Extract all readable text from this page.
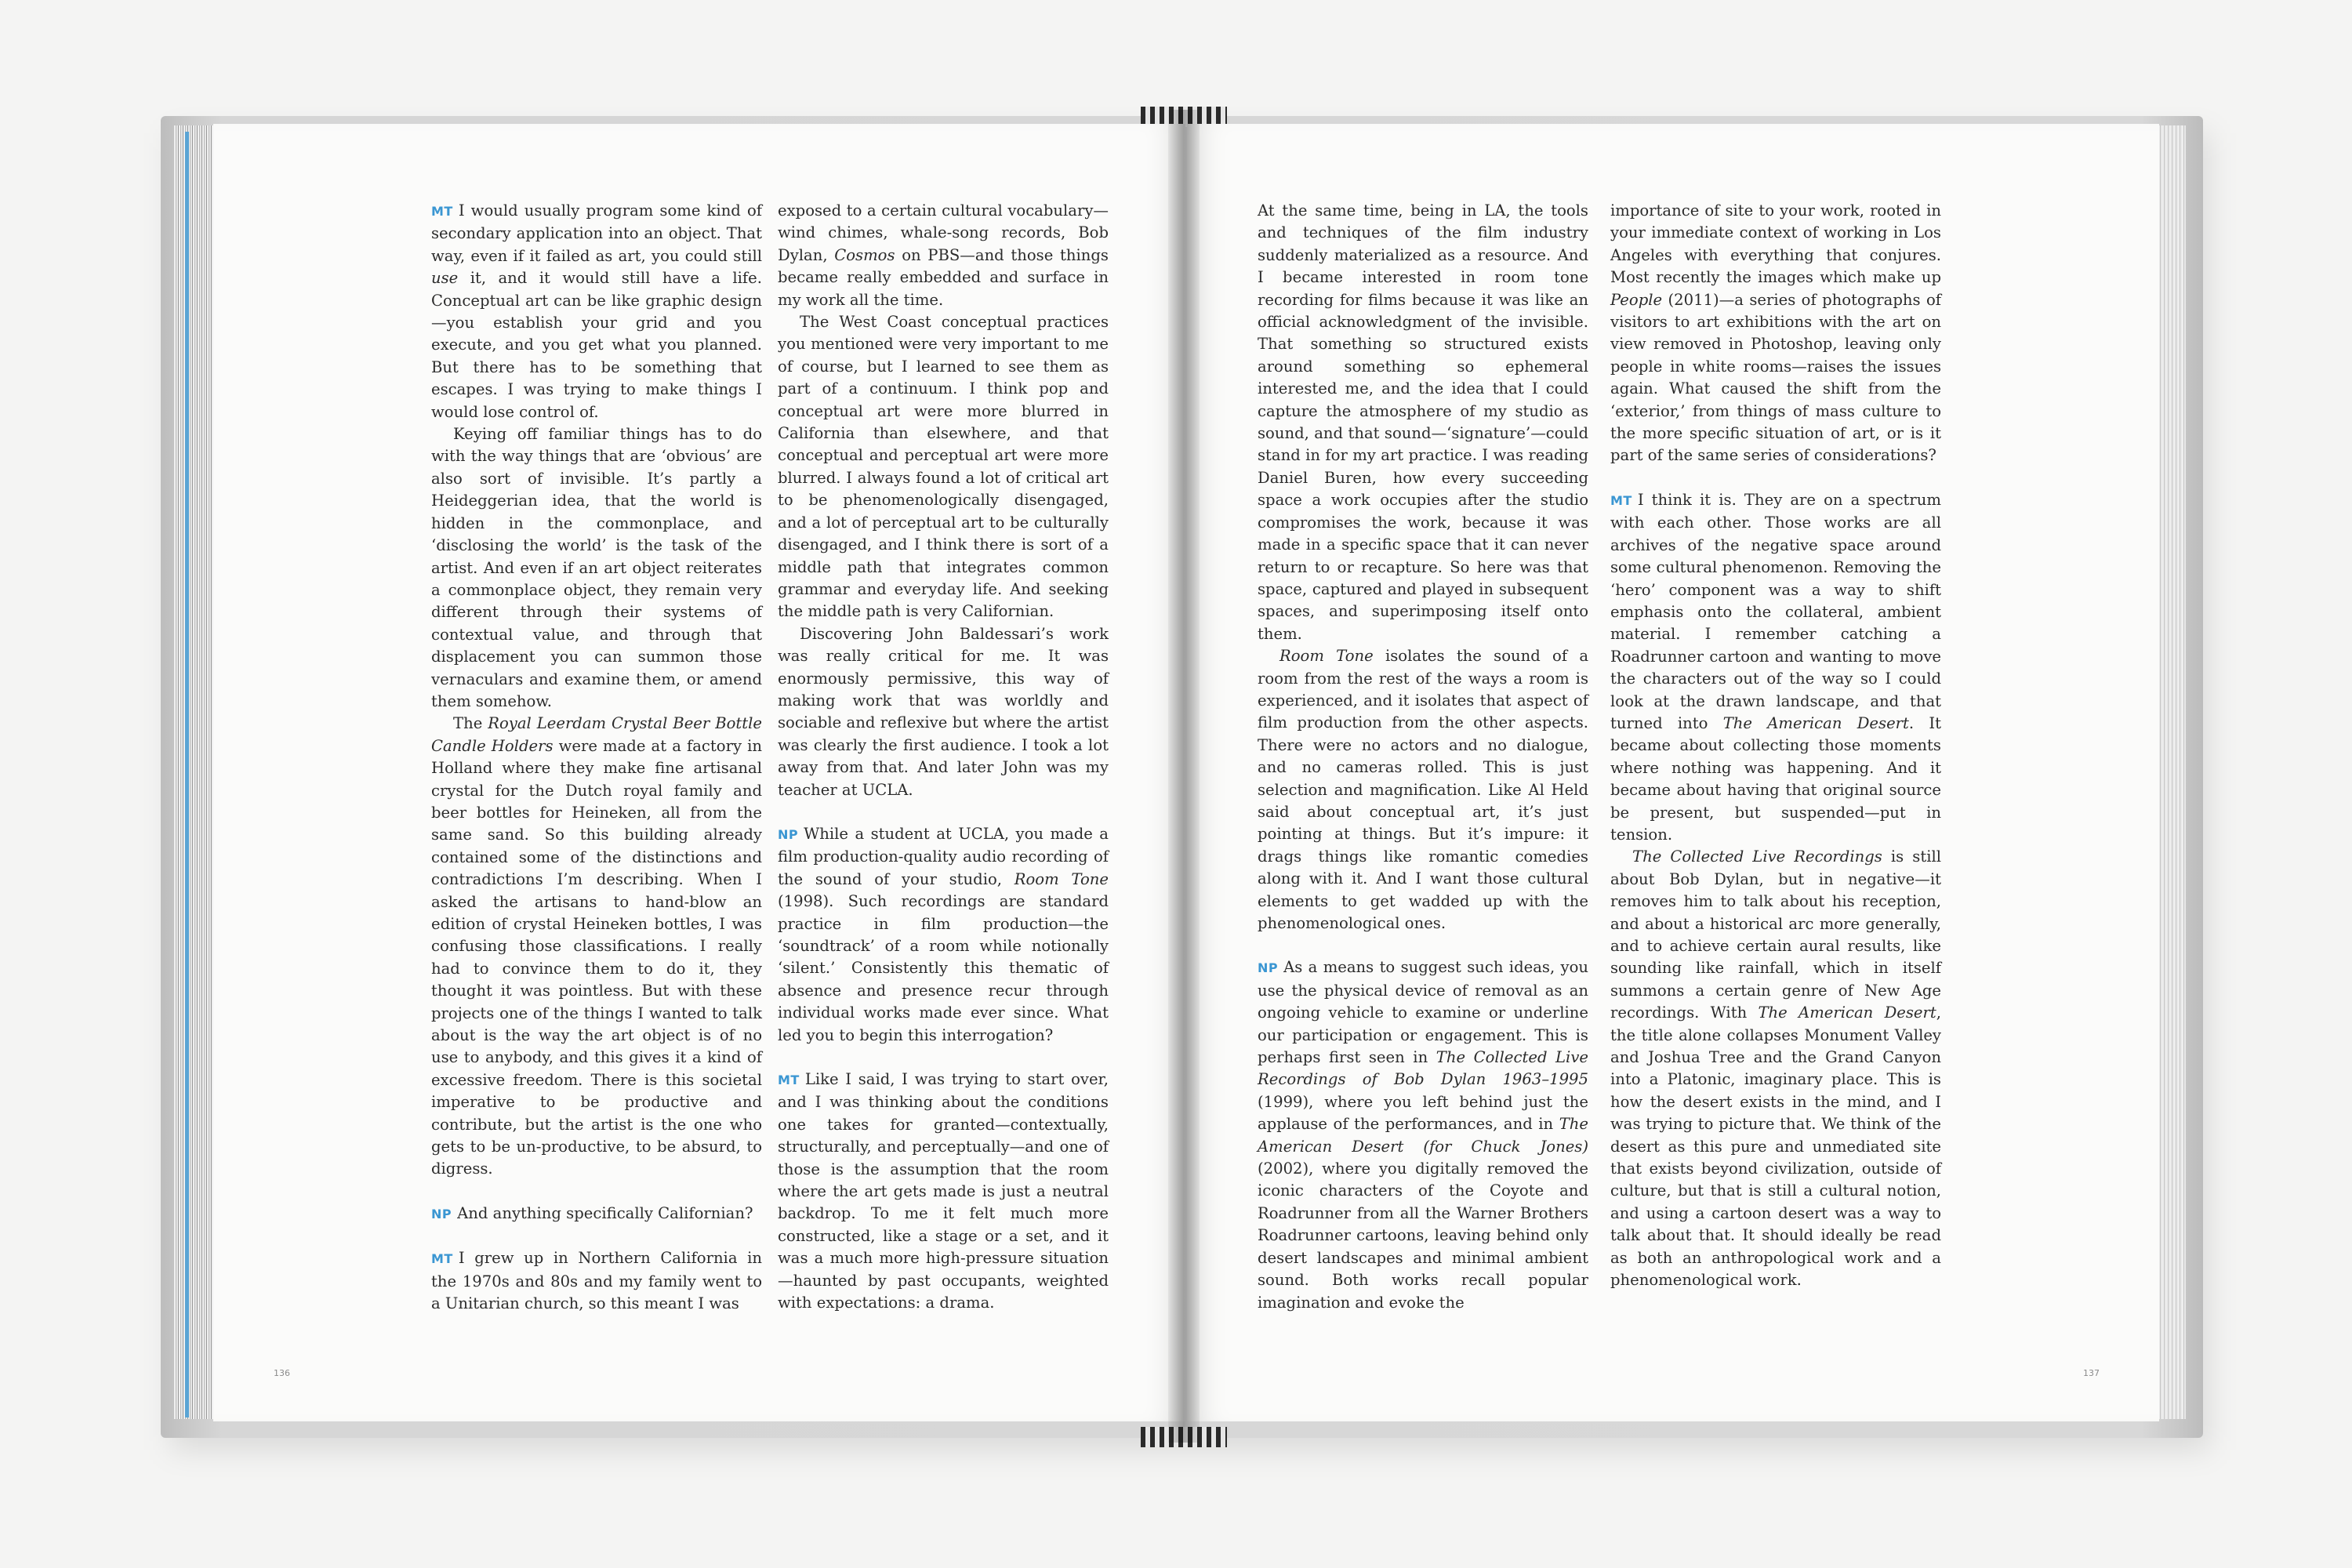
MT I would usually program some kind of secondary application into an object. That way, even if it failed as art, you could still use it, and it would still have a life. Conceptual art can be like graphic design—you establish your grid and you execute, and you get what you planned. But there has to be something that escapes. I was trying to make things I would lose control of.

Keying off familiar things has to do with the way things that are ‘obvious’ are also sort of invisible. It’s partly a Heideggerian idea, that the world is hidden in the commonplace, and ‘disclosing the world’ is the task of the artist. And even if an art object reiterates a commonplace object, they remain very different through their systems of contextual value, and through that displacement you can summon those vernaculars and examine them, or amend them somehow.

The Royal Leerdam Crystal Beer Bottle Candle Holders were made at a factory in Holland where they make fine artisanal crystal for the Dutch royal family and beer bottles for Heineken, all from the same sand. So this building already contained some of the distinctions and contradictions I’m describing. When I asked the artisans to hand-blow an edition of crystal Heineken bottles, I was confusing those classifications. I really had to convince them to do it, they thought it was pointless. But with these projects one of the things I wanted to talk about is the way the art object is of no use to anybody, and this gives it a kind of excessive freedom. There is this societal imperative to be productive and contribute, but the artist is the one who gets to be un-productive, to be absurd, to digress.

NP And anything specifically Californian?

MT I grew up in Northern California in the 1970s and 80s and my family went to a Unitarian church, so this meant I was

exposed to a certain cultural vocabulary—wind chimes, whale-song records, Bob Dylan, Cosmos on PBS—and those things became really embedded and surface in my work all the time.

The West Coast conceptual practices you mentioned were very important to me of course, but I learned to see them as part of a continuum. I think pop and conceptual art were more blurred in California than elsewhere, and that conceptual and perceptual art were more blurred. I always found a lot of critical art to be phenomenologically disengaged, and a lot of perceptual art to be culturally disengaged, and I think there is sort of a middle path that integrates common grammar and everyday life. And seeking the middle path is very Californian.

Discovering John Baldessari’s work was really critical for me. It was enormously permissive, this way of making work that was worldly and sociable and reflexive but where the artist was clearly the first audience. I took a lot away from that. And later John was my teacher at UCLA.

NP While a student at UCLA, you made a film production-quality audio recording of the sound of your studio, Room Tone (1998). Such recordings are standard practice in film production—the ‘soundtrack’ of a room while notionally ‘silent.’ Consistently this thematic of absence and presence recur through individual works made ever since. What led you to begin this interrogation?

MT Like I said, I was trying to start over, and I was thinking about the conditions one takes for granted—contextually, structurally, and perceptually—and one of those is the assumption that the room where the art gets made is just a neutral backdrop. To me it felt much more constructed, like a stage or a set, and it was a much more high-pressure situation—haunted by past occupants, weighted with expectations: a drama.

At the same time, being in LA, the tools and techniques of the film industry suddenly materialized as a resource. And I became interested in room tone recording for films because it was like an official acknowledgment of the invisible. That something so structured exists around something so ephemeral interested me, and the idea that I could capture the atmosphere of my studio as sound, and that sound—‘signature’—could stand in for my art practice. I was reading Daniel Buren, how every succeeding space a work occupies after the studio compromises the work, because it was made in a specific space that it can never return to or recapture. So here was that space, captured and played in subsequent spaces, and superimposing itself onto them.

Room Tone isolates the sound of a room from the rest of the ways a room is experienced, and it isolates that aspect of film production from the other aspects. There were no actors and no dialogue, and no cameras rolled. This is just selection and magnification. Like Al Held said about conceptual art, it’s just pointing at things. But it’s impure: it drags things like romantic comedies along with it. And I want those cultural elements to get wadded up with the phenomenological ones.

NP As a means to suggest such ideas, you use the physical device of removal as an ongoing vehicle to examine or underline our participation or engagement. This is perhaps first seen in The Collected Live Recordings of Bob Dylan 1963–1995 (1999), where you left behind just the applause of the performances, and in The American Desert (for Chuck Jones) (2002), where you digitally removed the iconic characters of the Coyote and Roadrunner from all the Warner Brothers Roadrunner cartoons, leaving behind only desert landscapes and minimal ambient sound. Both works recall popular imagination and evoke the

importance of site to your work, rooted in your immediate context of working in Los Angeles with everything that conjures. Most recently the images which make up People (2011)—a series of photographs of visitors to art exhibitions with the art on view removed in Photoshop, leaving only people in white rooms—raises the issues again. What caused the shift from the ‘exterior,’ from things of mass culture to the more specific situation of art, or is it part of the same series of considerations?

MT I think it is. They are on a spectrum with each other. Those works are all archives of the negative space around some cultural phenomenon. Removing the ‘hero’ component was a way to shift emphasis onto the collateral, ambient material. I remember catching a Roadrunner cartoon and wanting to move the characters out of the way so I could look at the drawn landscape, and that turned into The American Desert. It became about collecting those moments where nothing was happening. And it became about having that original source be present, but suspended—put in tension.

The Collected Live Recordings is still about Bob Dylan, but in negative—it removes him to talk about his reception, and about a historical arc more generally, and to achieve certain aural results, like sounding like rainfall, which in itself summons a certain genre of New Age recordings. With The American Desert, the title alone collapses Monument Valley and Joshua Tree and the Grand Canyon into a Platonic, imaginary place. This is how the desert exists in the mind, and I was trying to picture that. We think of the desert as this pure and unmediated site that exists beyond civilization, outside of culture, but that is still a cultural notion, and using a cartoon desert was a way to talk about that. It should ideally be read as both an anthropological work and a phenomenological work.

136	137
